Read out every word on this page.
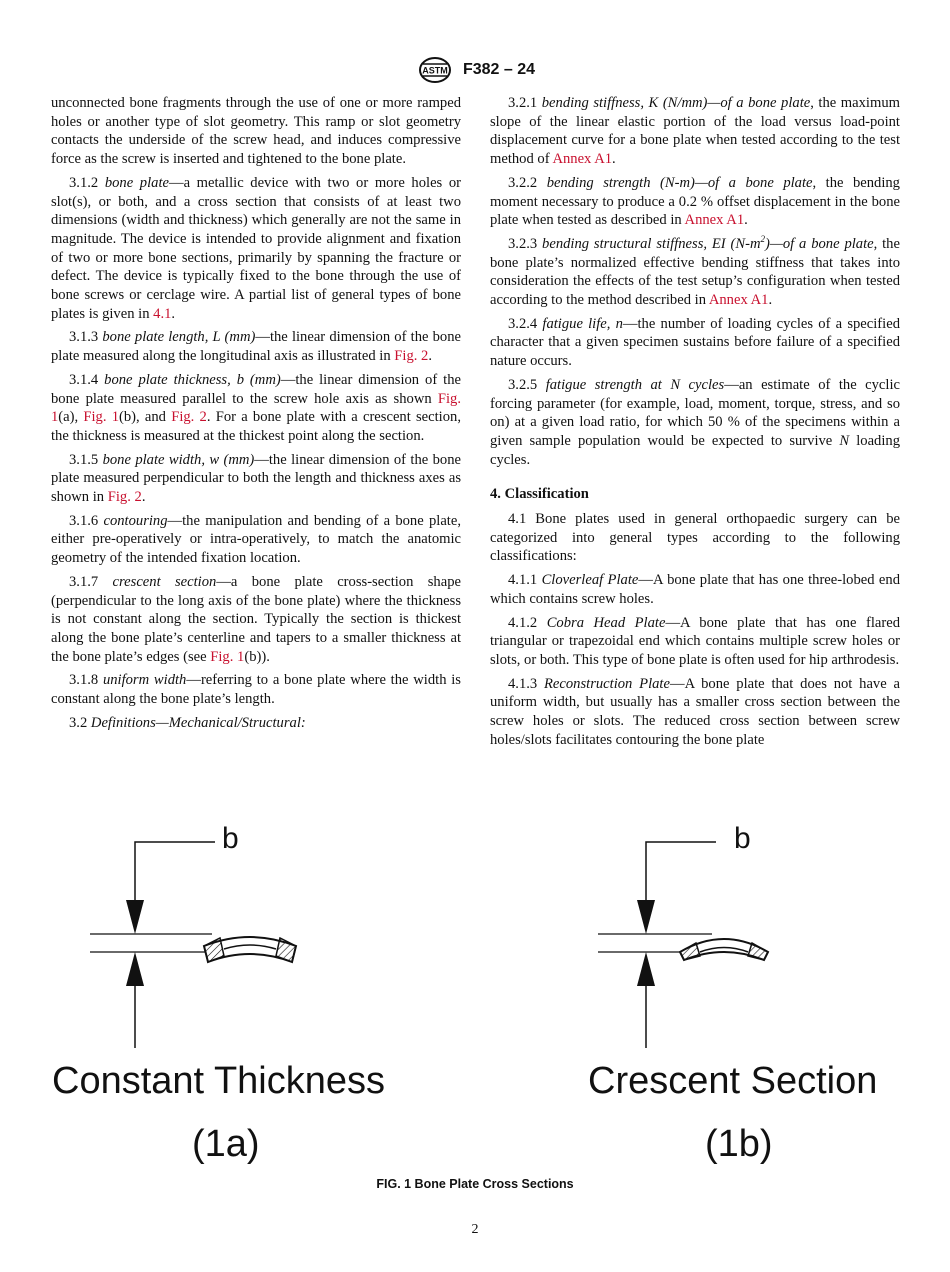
ASTM F382 – 24

unconnected bone fragments through the use of one or more ramped holes or another type of slot geometry. This ramp or slot geometry contacts the underside of the screw head, and induces compressive force as the screw is inserted and tightened to the bone plate.

3.1.2 bone plate—a metallic device with two or more holes or slot(s), or both, and a cross section that consists of at least two dimensions (width and thickness) which generally are not the same in magnitude. The device is intended to provide alignment and fixation of two or more bone sections, primarily by spanning the fracture or defect. The device is typically fixed to the bone through the use of bone screws or cerclage wire. A partial list of general types of bone plates is given in 4.1.

3.1.3 bone plate length, L (mm)—the linear dimension of the bone plate measured along the longitudinal axis as illustrated in Fig. 2.

3.1.4 bone plate thickness, b (mm)—the linear dimension of the bone plate measured parallel to the screw hole axis as shown Fig. 1(a), Fig. 1(b), and Fig. 2. For a bone plate with a crescent section, the thickness is measured at the thickest point along the section.

3.1.5 bone plate width, w (mm)—the linear dimension of the bone plate measured perpendicular to both the length and thickness axes as shown in Fig. 2.

3.1.6 contouring—the manipulation and bending of a bone plate, either pre-operatively or intra-operatively, to match the anatomic geometry of the intended fixation location.

3.1.7 crescent section—a bone plate cross-section shape (perpendicular to the long axis of the bone plate) where the thickness is not constant along the section. Typically the section is thickest along the bone plate’s centerline and tapers to a smaller thickness at the bone plate’s edges (see Fig. 1(b)).

3.1.8 uniform width—referring to a bone plate where the width is constant along the bone plate’s length.

3.2 Definitions—Mechanical/Structural:

3.2.1 bending stiffness, K (N/mm)—of a bone plate, the maximum slope of the linear elastic portion of the load versus load-point displacement curve for a bone plate when tested according to the test method of Annex A1.

3.2.2 bending strength (N-m)—of a bone plate, the bending moment necessary to produce a 0.2 % offset displacement in the bone plate when tested as described in Annex A1.

3.2.3 bending structural stiffness, EI $(N-m^2)—of$ a bone plate, the bone plate’s normalized effective bending stiffness that takes into consideration the effects of the test setup’s configuration when tested according to the method described in Annex A1.

3.2.4 fatigue life, n—the number of loading cycles of a specified character that a given specimen sustains before failure of a specified nature occurs.

3.2.5 fatigue strength at N cycles—an estimate of the cyclic forcing parameter (for example, load, moment, torque, stress, and so on) at a given load ratio, for which 50 % of the specimens within a given sample population would be expected to survive N loading cycles.

4. Classification

4.1 Bone plates used in general orthopaedic surgery can be categorized into general types according to the following classifications:

4.1.1 Cloverleaf Plate—A bone plate that has one three-lobed end which contains screw holes.

4.1.2 Cobra Head Plate—A bone plate that has one flared triangular or trapezoidal end which contains multiple screw holes or slots, or both. This type of bone plate is often used for hip arthrodesis.

4.1.3 Reconstruction Plate—A bone plate that does not have a uniform width, but usually has a smaller cross section between the screw holes or slots. The reduced cross section between screw holes/slots facilitates contouring the bone plate

b	b
Constant Thickness
(1a)
Crescent Section
(1b)
FIG. 1 Bone Plate Cross Sections
2
